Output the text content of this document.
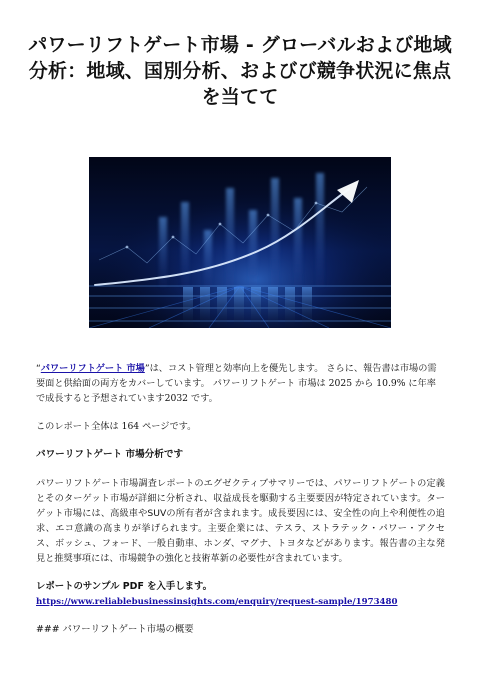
パワーリフトゲート市場 - グローバルおよび地域分析：地域、国別分析、およびび競争状況に焦点を当てて

“パワーリフトゲート 市場”は、コスト管理と効率向上を優先します。 さらに、報告書は市場の需要面と供給面の両方をカバーしています。 パワーリフトゲート 市場は 2025 から 10.9% に年率で成長すると予想されています2032 です。

このレポート全体は 164 ページです。

パワーリフトゲート 市場分析です

パワーリフトゲート市場調査レポートのエグゼクティブサマリーでは、パワーリフトゲートの定義とそのターゲット市場が詳細に分析され、収益成長を駆動する主要要因が特定されています。ターゲット市場には、高級車やSUVの所有者が含まれます。成長要因には、安全性の向上や利便性の追求、エコ意識の高まりが挙げられます。主要企業には、テスラ、ストラテック・パワー・アクセス、ボッシュ、フォード、一般自動車、ホンダ、マグナ、トヨタなどがあります。報告書の主な発見と推奨事項には、市場競争の強化と技術革新の必要性が含まれています。

レポートのサンプル PDF を入手します。 https://www.reliablebusinessinsights.com/enquiry/request-sample/1973480
### パワーリフトゲート市場の概要
